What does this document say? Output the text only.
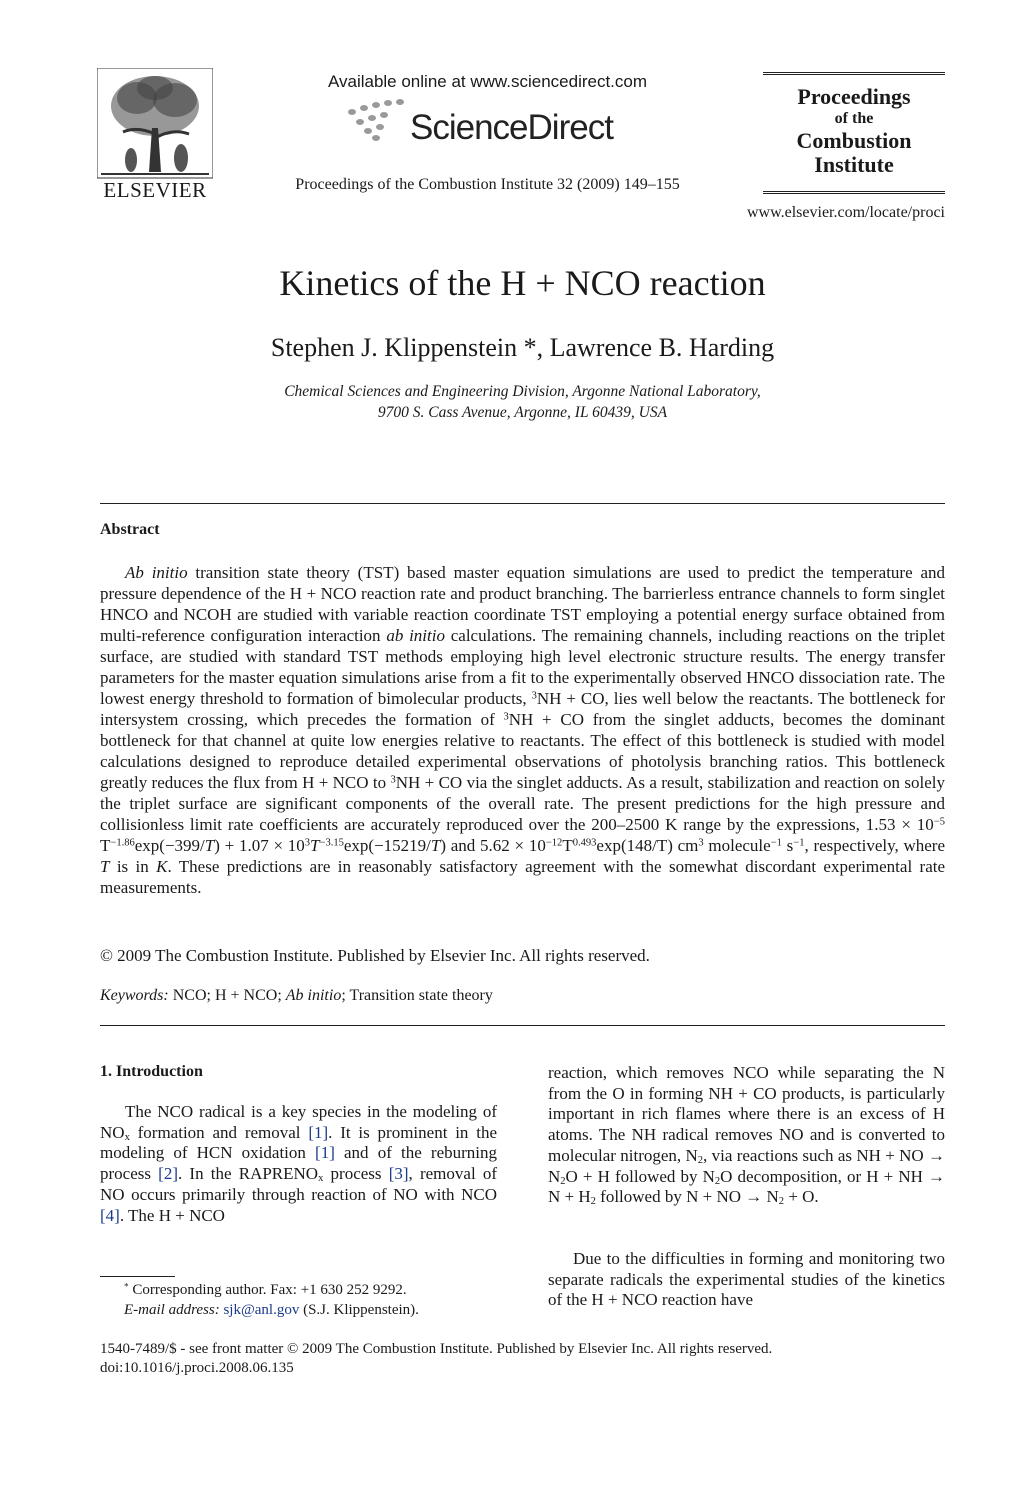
ELSEVIER
Available online at www.sciencedirect.com
ScienceDirect
Proceedings of the Combustion Institute 32 (2009) 149–155
Proceedings
of the
Combustion
Institute
www.elsevier.com/locate/proci
Kinetics of the H + NCO reaction
Stephen J. Klippenstein *, Lawrence B. Harding
Chemical Sciences and Engineering Division, Argonne National Laboratory,
9700 S. Cass Avenue, Argonne, IL 60439, USA
Abstract
Ab initio transition state theory (TST) based master equation simulations are used to predict the temperature and pressure dependence of the H + NCO reaction rate and product branching. The barrierless entrance channels to form singlet HNCO and NCOH are studied with variable reaction coordinate TST employing a potential energy surface obtained from multi-reference configuration interaction ab initio calculations. The remaining channels, including reactions on the triplet surface, are studied with standard TST methods employing high level electronic structure results. The energy transfer parameters for the master equation simulations arise from a fit to the experimentally observed HNCO dissociation rate. The lowest energy threshold to formation of bimolecular products, $^3$NH + CO, lies well below the reactants. The bottleneck for intersystem crossing, which precedes the formation of $^3$NH + CO from the singlet adducts, becomes the dominant bottleneck for that channel at quite low energies relative to reactants. The effect of this bottleneck is studied with model calculations designed to reproduce detailed experimental observations of photolysis branching ratios. This bottleneck greatly reduces the flux from H + NCO to $^3$NH + CO via the singlet adducts. As a result, stabilization and reaction on solely the triplet surface are significant components of the overall rate. The present predictions for the high pressure and collisionless limit rate coefficients are accurately reproduced over the 200–2500 K range by the expressions, $1.53 \times 10^{-5}$ $T^{-1.86}\exp(-399/T) + 1.07 \times 10^3T^{-3.15}\exp(-15219/T)$ and $5.62 \times 10^{-12}T^{0.493}\exp(148/T)$ $cm^3$ molecule$^{-1}$ $s^{-1}$, respectively, where T is in K. These predictions are in reasonably satisfactory agreement with the somewhat discordant experimental rate measurements.
© 2009 The Combustion Institute. Published by Elsevier Inc. All rights reserved.
Keywords: NCO; H + NCO; Ab initio; Transition state theory
1. Introduction
The NCO radical is a key species in the modeling of $NO_x$ formation and removal [1]. It is prominent in the modeling of HCN oxidation [1] and of the reburning process [2]. In the $RAPRENO_x$ process [3], removal of NO occurs primarily through reaction of NO with NCO [4]. The H + NCO
reaction, which removes NCO while separating the N from the O in forming NH + CO products, is particularly important in rich flames where there is an excess of H atoms. The NH radical removes NO and is converted to molecular nitrogen, $N_2$, via reactions such as NH + NO → $N_2O + H$ followed by $N_2O$ decomposition, or H + NH → $N + H_2$ followed by N + NO → $N_2 + O$.
Due to the difficulties in forming and monitoring two separate radicals the experimental studies of the kinetics of the H + NCO reaction have
* Corresponding author. Fax: +1 630 252 9292.
E-mail address: sjk@anl.gov (S.J. Klippenstein).
1540-7489/$ - see front matter © 2009 The Combustion Institute. Published by Elsevier Inc. All rights reserved.
doi:10.1016/j.proci.2008.06.135
